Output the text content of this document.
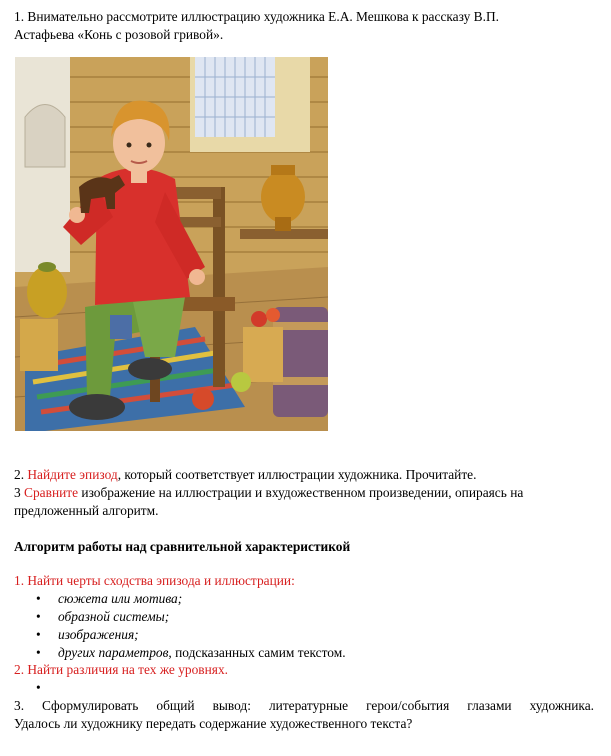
1. Внимательно рассмотрите иллюстрацию художника Е.А. Мешкова к рассказу В.П.
Астафьева «Конь с розовой гривой».
2. Найдите эпизод, который соответствует иллюстрации художника. Прочитайте.
3 Сравните изображение на иллюстрации и вхудожественном произведении, опираясь на
предложенный алгоритм.
Алгоритм работы над сравнительной характеристикой
1. Найти черты сходства эпизода и иллюстрации:
• сюжета или мотива;
• образной системы;
• изображения;
• других параметров, подсказанных самим текстом.
2. Найти различия на тех же уровнях.
•
3. Сформулировать общий вывод: литературные герои/события глазами художника.
Удалось ли художнику передать содержание художественного текста?
